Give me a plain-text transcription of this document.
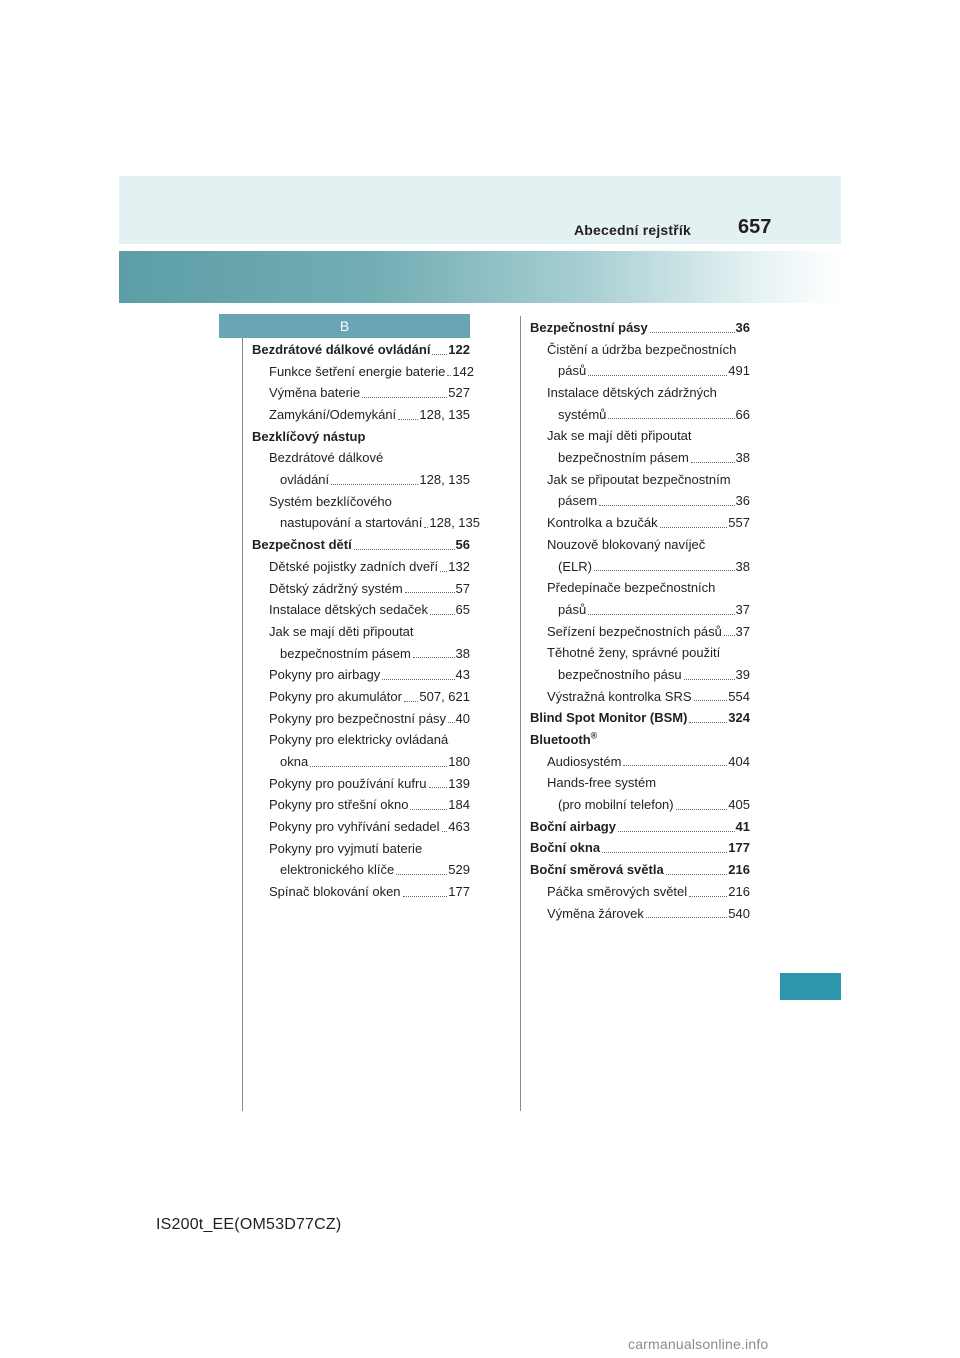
Abecední rejstřík 657
B
Bezdrátové dálkové ovládání 122
Funkce šetření energie baterie 142
Výměna baterie	527
Zamykání/Odemykání 128, 135
Bezklíčový nástup
Bezdrátové dálkové
ovládání	128, 135
Systém bezklíčového
nastupování a startování 128, 135
Bezpečnost dětí	56
Dětské pojistky zadních dveří 132
Dětský zádržný systém	57
Instalace dětských sedaček 65
Jak se mají děti připoutat
bezpečnostním pásem	38
Pokyny pro airbagy	43
Pokyny pro akumulátor 507, 621
Pokyny pro bezpečnostní pásy 40
Pokyny pro elektricky ovládaná
okna	180
Pokyny pro používání kufru 139
Pokyny pro střešní okno	184
Pokyny pro vyhřívání sedadel 463
Pokyny pro vyjmutí baterie
elektronického klíče	529
Spínač blokování oken	177
Bezpečnostní pásy	36
Čistění a údržba bezpečnostních
pásů	491
Instalace dětských zádržných
systémů	66
Jak se mají děti připoutat
bezpečnostním pásem	38
Jak se připoutat bezpečnostním
pásem	36
Kontrolka a bzučák	557
Nouzově blokovaný navíječ
(ELR)	38
Předepínače bezpečnostních
pásů	37
Seřízení bezpečnostních pásů 37
Těhotné ženy, správné použití
bezpečnostního pásu	39
Výstražná kontrolka SRS	554
Blind Spot Monitor (BSM)	324
Bluetooth®
Audiosystém	404
Hands-free systém
(pro mobilní telefon)	405
Boční airbagy	41
Boční okna	177
Boční směrová světla	216
Páčka směrových světel	216
Výměna žárovek	540
IS200t_EE(OM53D77CZ)
carmanualsonline.info
